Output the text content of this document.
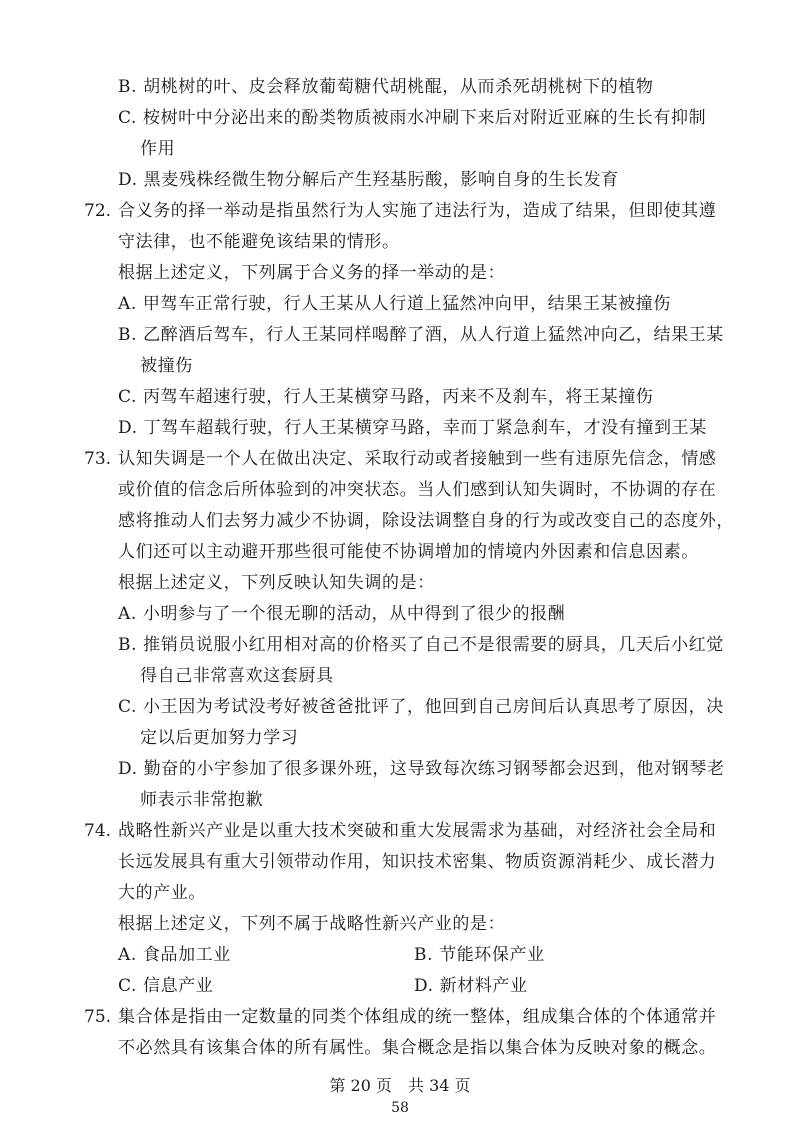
B. 胡桃树的叶、皮会释放葡萄糖代胡桃醌，从而杀死胡桃树下的植物
C. 桉树叶中分泌出来的酚类物质被雨水冲刷下来后对附近亚麻的生长有抑制
作用
D. 黑麦残株经微生物分解后产生羟基肟酸，影响自身的生长发育
72. 合义务的择一举动是指虽然行为人实施了违法行为，造成了结果，但即使其遵
守法律，也不能避免该结果的情形。
根据上述定义，下列属于合义务的择一举动的是：
A. 甲驾车正常行驶，行人王某从人行道上猛然冲向甲，结果王某被撞伤
B. 乙醉酒后驾车，行人王某同样喝醉了酒，从人行道上猛然冲向乙，结果王某
被撞伤
C. 丙驾车超速行驶，行人王某横穿马路，丙来不及刹车，将王某撞伤
D. 丁驾车超载行驶，行人王某横穿马路，幸而丁紧急刹车，才没有撞到王某
73. 认知失调是一个人在做出决定、采取行动或者接触到一些有违原先信念，情感
或价值的信念后所体验到的冲突状态。当人们感到认知失调时，不协调的存在
感将推动人们去努力减少不协调，除设法调整自身的行为或改变自己的态度外，
人们还可以主动避开那些很可能使不协调增加的情境内外因素和信息因素。
根据上述定义，下列反映认知失调的是：
A. 小明参与了一个很无聊的活动，从中得到了很少的报酬
B. 推销员说服小红用相对高的价格买了自己不是很需要的厨具，几天后小红觉
得自己非常喜欢这套厨具
C. 小王因为考试没考好被爸爸批评了，他回到自己房间后认真思考了原因，决
定以后更加努力学习
D. 勤奋的小宇参加了很多课外班，这导致每次练习钢琴都会迟到，他对钢琴老
师表示非常抱歉
74. 战略性新兴产业是以重大技术突破和重大发展需求为基础，对经济社会全局和
长远发展具有重大引领带动作用，知识技术密集、物质资源消耗少、成长潜力
大的产业。
根据上述定义，下列不属于战略性新兴产业的是：
A. 食品加工业	B. 节能环保产业
C. 信息产业	D. 新材料产业
75. 集合体是指由一定数量的同类个体组成的统一整体，组成集合体的个体通常并
不必然具有该集合体的所有属性。集合概念是指以集合体为反映对象的概念。
第 20 页　共 34 页
58
